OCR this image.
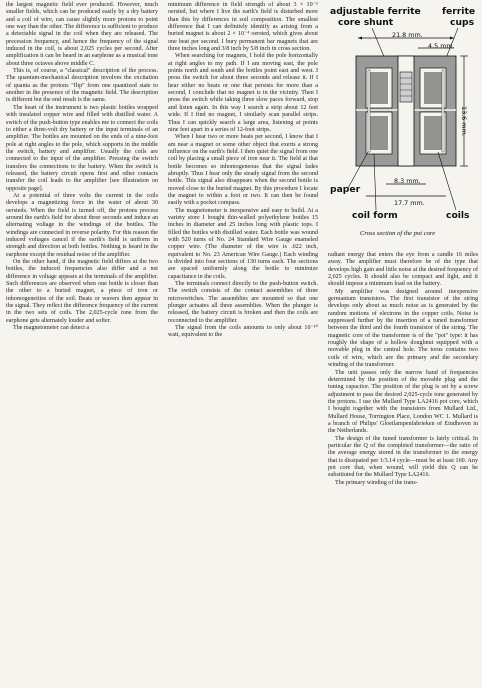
the largest magnetic field ever produced. However, much smaller fields, which can be produced easily by a dry battery and a coil of wire, can cause slightly more protons to point one way than the other. The difference is sufficient to produce a detectable signal in the coil when they are released. The precession frequency, and hence the frequency of the signal induced in the coil, is about 2,025 cycles per second. After amplification it can be heard in an earphone as a musical tone about three octaves above middle C.

This is, of course, a "classical" description of the process. The quantum-mechanical description involves the excitation of quanta as the protons "flip" from one quantized state to another in the presence of the magnetic field. The description is different but the end result is the same.

The heart of the instrument is two plastic bottles wrapped with insulated copper wire and filled with distilled water. A switch of the push-button type enables me to connect the coils to either a three-volt dry battery or the input terminals of an amplifier. The bottles are mounted on the ends of a nine-foot pole at right angles to the pole, which supports in the middle the switch, battery and amplifier. Usually the coils are connected to the input of the amplifier. Pressing the switch transfers the connections to the battery. When the switch is released, the battery circuit opens first and other contacts transfer the coil leads to the amplifier [see illustration on opposite page].

At a potential of three volts the current in the coils develops a magnetizing force in the water of about 30 oersteds. When the field is turned off, the protons precess around the earth's field for about three seconds and induce an alternating voltage in the windings of the bottles. The windings are connected in reverse polarity. For this reason the induced voltages cancel if the earth's field is uniform in strength and direction at both bottles. Nothing is heard in the earphone except the residual noise of the amplifier.

On the other hand, if the magnetic field differs at the two bottles, the induced frequencies also differ and a net difference in voltage appears at the terminals of the amplifier. Such differences are observed when one bottle is closer than the other to a buried magnet, a piece of iron or inhomogeneities of the soil. Beats or wavers then appear in the signal. They reflect the difference frequency of the current in the two sets of coils. The 2,025-cycle tone from the earphone gets alternately louder and softer.

The magnetometer can detect a

minimum difference in field strength of about 3 × 10⁻⁵ oersted, but where I live the earth's field is disturbed more than this by differences in soil composition. The smallest difference that I can definitely identify as arising from a buried magnet is about 2 × 10⁻⁴ oersted, which gives about one beat per second. I bury permanent bar magnets that are three inches long and 3/8 inch by 5/8 inch in cross section.

When searching for magnets, I hold the pole horizontally at right angles to my path. If I am moving east, the pole points north and south and the bottles point east and west. I press the switch for about three seconds and release it. If I hear either no beats or one that persists for more than a second, I conclude that no magnet is in the vicinity. Then I press the switch while taking three slow paces forward, stop and listen again. In this way I search a strip about 12 feet wide. If I find no magnet, I similarly scan parallel strips. Thus I can quickly search a large area, listening at points nine feet apart in a series of 12-foot strips.

When I hear two or more beats per second, I know that I am near a magnet or some other object that exerts a strong influence on the earth's field. I then quiet the signal from one coil by placing a small piece of iron near it. The field at that bottle becomes so inhomogeneous that the signal fades abruptly. Thus I hear only the steady signal from the second bottle. This signal also disappears when the second bottle is moved close to the buried magnet. By this procedure I locate the magnet to within a foot or two. It can then be found easily with a pocket compass.

The magnetometer is inexpensive and easy to build. At a variety store I bought thin-walled polyethylene bottles 15 inches in diameter and 25 inches long with plastic tops. I filled the bottles with distilled water. Each bottle was wound with 520 turns of No. 24 Standard Wire Gauge enameled copper wire. (The diameter of the wire is .022 inch, equivalent to No. 23 American Wire Gauge.) Each winding is divided into four sections of 130 turns each. The sections are spaced uniformly along the bottle to minimize capacitance in the coils.

The terminals connect directly to the push-button switch. The switch consists of the contact assemblies of three microswitches. The assemblies are mounted so that one plunger actuates all three assemblies. When the plunger is released, the battery circuit is broken and then the coils are reconnected to the amplifier.

The signal from the coils amounts to only about 10⁻¹⁰ watt, equivalent to the

adjustable ferrite
core shunt
ferrite
cups
21.8 mm.
4.5 mm.
13.6 mm.
paper
8.3 mm.
17.7 mm.
coil form	coils
Cross section of the pot core

radiant energy that enters the eye from a candle 16 miles away. The amplifier must therefore be of the type that develops high gain and little noise at the desired frequency of 2,025 cycles. It should also be compact and light, and it should impose a minimum load on the battery.

My amplifier was designed around inexpensive germanium transistors. The first transistor of the string develops only about as much noise as is generated by the random motions of electrons in the copper coils. Noise is suppressed further by the insertion of a tuned transformer between the third and the fourth transistor of the string. The magnetic core of the transformer is of the "pot" type: it has roughly the shape of a hollow doughnut equipped with a movable plug in the central hole. The torus contains two coils of wire, which are the primary and the secondary winding of the transformer.

The unit passes only the narrow band of frequencies determined by the position of the movable plug and the tuning capacitor. The position of the plug is set by a screw adjustment to pass the desired 2,025-cycle tone generated by the protons. I use the Mullard Type LA2416 pot core, which I bought together with the transistors from Mullard Ltd., Mullard House, Torrington Place, London WC 1. Mullard is a branch of Philips' Gloeilampenfabrieken of Eindhoven in the Netherlands.

The design of the tuned transformer is fairly critical. In particular the Q of the completed transformer—the ratio of the average energy stored in the transformer to the energy that is dissipated per 1/3.14 cycle—must be at least 160. Any pot core that, when wound, will yield this Q can be substituted for the Mullard Type LA2416.

The primary winding of the trans-
